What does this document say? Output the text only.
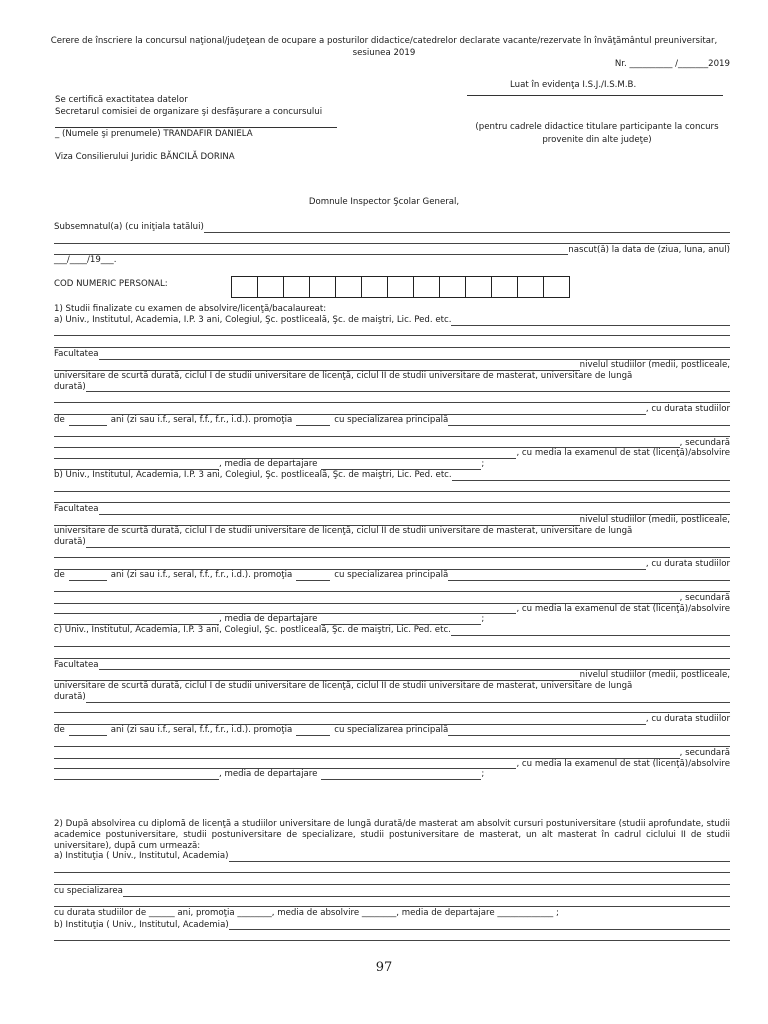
Cerere de înscriere la concursul naţional/judeţean de ocupare a posturilor didactice/catedrelor declarate vacante/rezervate în învăţământul preuniversitar, sesiunea 2019
Nr. __________ /_______2019
Luat în evidenţa I.S.J./I.S.M.B.
(pentru cadrele didactice titulare participante la concurs provenite din alte judeţe)
Se certifică exactitatea datelor
Secretarul comisiei de organizare şi desfăşurare a concursului
_ (Numele şi prenumele) TRANDAFIR DANIELA
Viza Consilierului Juridic BĂNCILĂ DORINA
Domnule Inspector Şcolar General,
Subsemnatul(a) (cu iniţiala tatălui)
nascut(ă) la data de (ziua, luna, anul)
___/____/19___.
COD NUMERIC PERSONAL:

1) Studii finalizate cu examen de absolvire/licenţă/bacalaureat:

a) Univ., Institutul, Academia, I.P. 3 ani, Colegiul, Şc. postliceală, Şc. de maiştri, Lic. Ped. etc.
Facultatea
nivelul studiilor (medii, postliceale,

universitare de scurtă durată, ciclul I de studii universitare de licenţă, ciclul II de studii universitare de masterat, universitare de lungă

durată)
, cu durata studiilor
de	ani (zi sau i.f., seral, f.f., f.r., i.d.). promoţia	cu specializarea principală
, secundară
, cu media la examenul de stat (licenţă)/absolvire
, media de departajare	;
b) Univ., Institutul, Academia, I.P. 3 ani, Colegiul, Şc. postliceală, Şc. de maiştri, Lic. Ped. etc.
Facultatea
nivelul studiilor (medii, postliceale,

universitare de scurtă durată, ciclul I de studii universitare de licenţă, ciclul II de studii universitare de masterat, universitare de lungă

durată)
, cu durata studiilor
de	ani (zi sau i.f., seral, f.f., f.r., i.d.). promoţia	cu specializarea principală
, secundară
, cu media la examenul de stat (licenţă)/absolvire
, media de departajare	;
c) Univ., Institutul, Academia, I.P. 3 ani, Colegiul, Şc. postliceală, Şc. de maiştri, Lic. Ped. etc.
Facultatea
nivelul studiilor (medii, postliceale,

universitare de scurtă durată, ciclul I de studii universitare de licenţă, ciclul II de studii universitare de masterat, universitare de lungă

durată)
, cu durata studiilor
de	ani (zi sau i.f., seral, f.f., f.r., i.d.). promoţia	cu specializarea principală
, secundară
, cu media la examenul de stat (licenţă)/absolvire
, media de departajare	;

2) După absolvirea cu diplomă de licenţă a studiilor universitare de lungă durată/de masterat am absolvit cursuri postuniversitare (studii aprofundate, studii academice postuniversitare, studii postuniversitare de specializare, studii postuniversitare de masterat, un alt masterat în cadrul ciclului II de studii universitare), după cum urmează:

a) Instituţia ( Univ., Institutul, Academia)
cu specializarea
cu durata studiilor de ______ ani, promoţia ________, media de absolvire ________, media de departajare _____________ ;
b) Instituţia ( Univ., Institutul, Academia)
97
